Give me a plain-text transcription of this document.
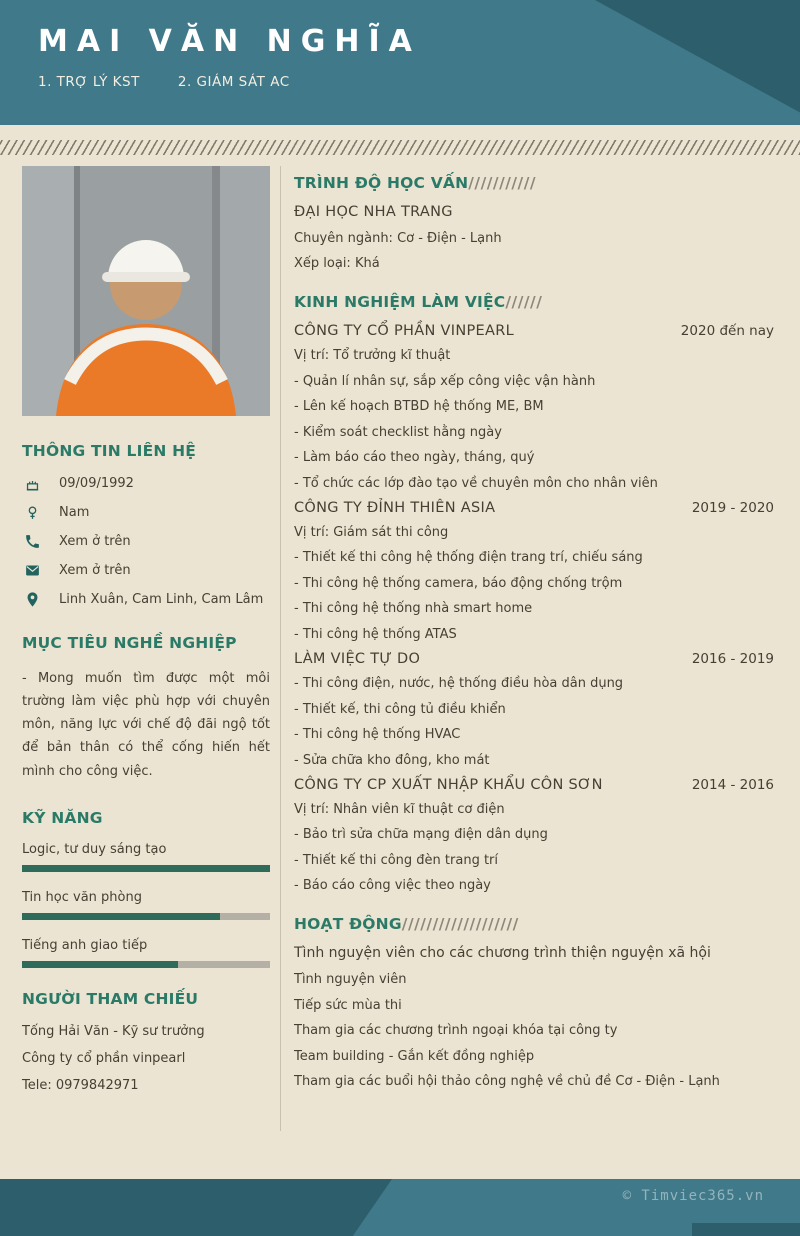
MAI VĂN NGHĨA
1. TRỢ LÝ KST	2. GIÁM SÁT AC
THÔNG TIN LIÊN HỆ
09/09/1992
Nam
Xem ở trên
Xem ở trên
Linh Xuân, Cam Linh, Cam Lâm
MỤC TIÊU NGHỀ NGHIỆP

- Mong muốn tìm được một môi trường làm việc phù hợp với chuyên môn, năng lực với chế độ đãi ngộ tốt để bản thân có thể cống hiến hết mình cho công việc.

KỸ NĂNG
Logic, tư duy sáng tạo
Tin học văn phòng
Tiếng anh giao tiếp
NGƯỜI THAM CHIẾU
Tống Hải Văn - Kỹ sư trưởng
Công ty cổ phần vinpearl
Tele: 0979842971
TRÌNH ĐỘ HỌC VẤN///////////
ĐẠI HỌC NHA TRANG
Chuyên ngành: Cơ - Điện - Lạnh
Xếp loại: Khá
KINH NGHIỆM LÀM VIỆC//////
CÔNG TY CỔ PHẦN VINPEARL	2020 đến nay
Vị trí: Tổ trưởng kĩ thuật
- Quản lí nhân sự, sắp xếp công việc vận hành
- Lên kế hoạch BTBD hệ thống ME, BM
- Kiểm soát checklist hằng ngày
- Làm báo cáo theo ngày, tháng, quý
- Tổ chức các lớp đào tạo về chuyên môn cho nhân viên
CÔNG TY ĐỈNH THIÊN ASIA	2019 - 2020
Vị trí: Giám sát thi công
- Thiết kế thi công hệ thống điện trang trí, chiếu sáng
- Thi công hệ thống camera, báo động chống trộm
- Thi công hệ thống nhà smart home
- Thi công hệ thống ATAS
LÀM VIỆC TỰ DO	2016 - 2019
- Thi công điện, nước, hệ thống điều hòa dân dụng
- Thiết kế, thi công tủ điều khiển
- Thi công hệ thống HVAC
- Sửa chữa kho đông, kho mát
CÔNG TY CP XUẤT NHẬP KHẨU CÔN SƠN	2014 - 2016
Vị trí: Nhân viên kĩ thuật cơ điện
- Bảo trì sửa chữa mạng điện dân dụng
- Thiết kế thi công đèn trang trí
- Báo cáo công việc theo ngày
HOẠT ĐỘNG///////////////////
Tình nguyện viên cho các chương trình thiện nguyện xã hội
Tình nguyện viên
Tiếp sức mùa thi
Tham gia các chương trình ngoại khóa tại công ty
Team building - Gắn kết đồng nghiệp
Tham gia các buổi hội thảo công nghệ về chủ đề Cơ - Điện - Lạnh
© Timviec365.vn
